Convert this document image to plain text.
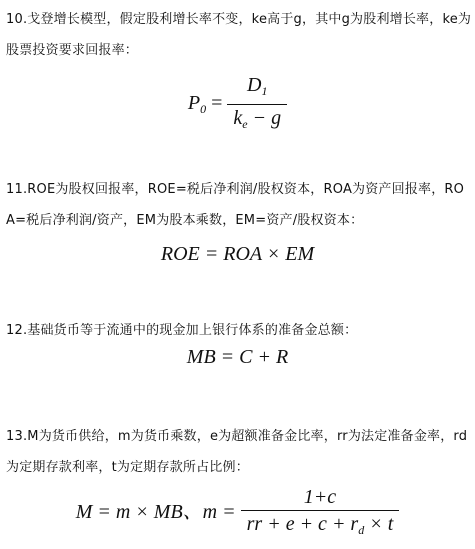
10.戈登增长模型，假定股利增长率不变，ke高于g，其中g为股利增长率，ke为股票投资要求回报率：
$P_0 = \frac{D_1}{k_e - g}$
11.ROE为股权回报率，ROE=税后净利润/股权资本，ROA为资产回报率，ROA=税后净利润/资产，EM为股本乘数，EM=资产/股权资本：
ROE = ROA × EM
12.基础货币等于流通中的现金加上银行体系的准备金总额：
MB = C + R
13.M为货币供给，m为货币乘数，e为超额准备金比率，rr为法定准备金率，rd为定期存款利率，t为定期存款所占比例：
M = m × MB、$m = \frac{1+c}{rr + e + c + r_d \times t}$
